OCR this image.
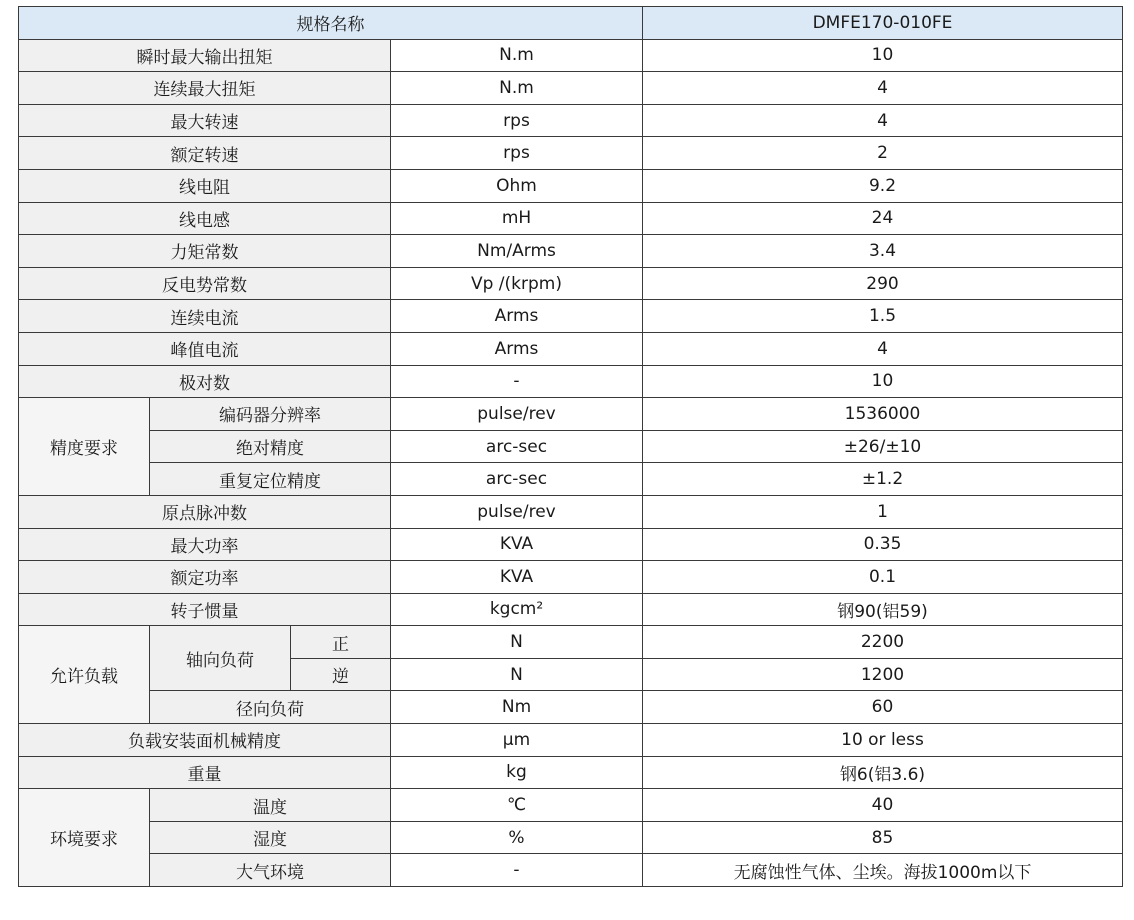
规格名称				DMFE170-010FE
瞬时最大输出扭矩			N.m	10
连续最大扭矩			N.m	4
最大转速			rps	4
额定转速			rps	2
线电阻			Ohm	9.2
线电感			mH	24
力矩常数			Nm/Arms	3.4
反电势常数			Vp /(krpm)	290
连续电流			Arms	1.5
峰值电流			Arms	4
极对数			-	10
精度要求	编码器分辨率		pulse/rev	1536000
	绝对精度		arc-sec	±26/±10
	重复定位精度		arc-sec	±1.2
原点脉冲数			pulse/rev	1
最大功率			KVA	0.35
额定功率			KVA	0.1
转子惯量			kgcm²	钢90(铝59)
允许负载	轴向负荷	正	N	2200
		逆	N	1200
	径向负荷		Nm	60
负载安装面机械精度			μm	10 or less
重量			kg	钢6(铝3.6)
环境要求	温度		℃	40
	湿度		%	85
	大气环境		-	无腐蚀性气体、尘埃。海拔1000m以下
